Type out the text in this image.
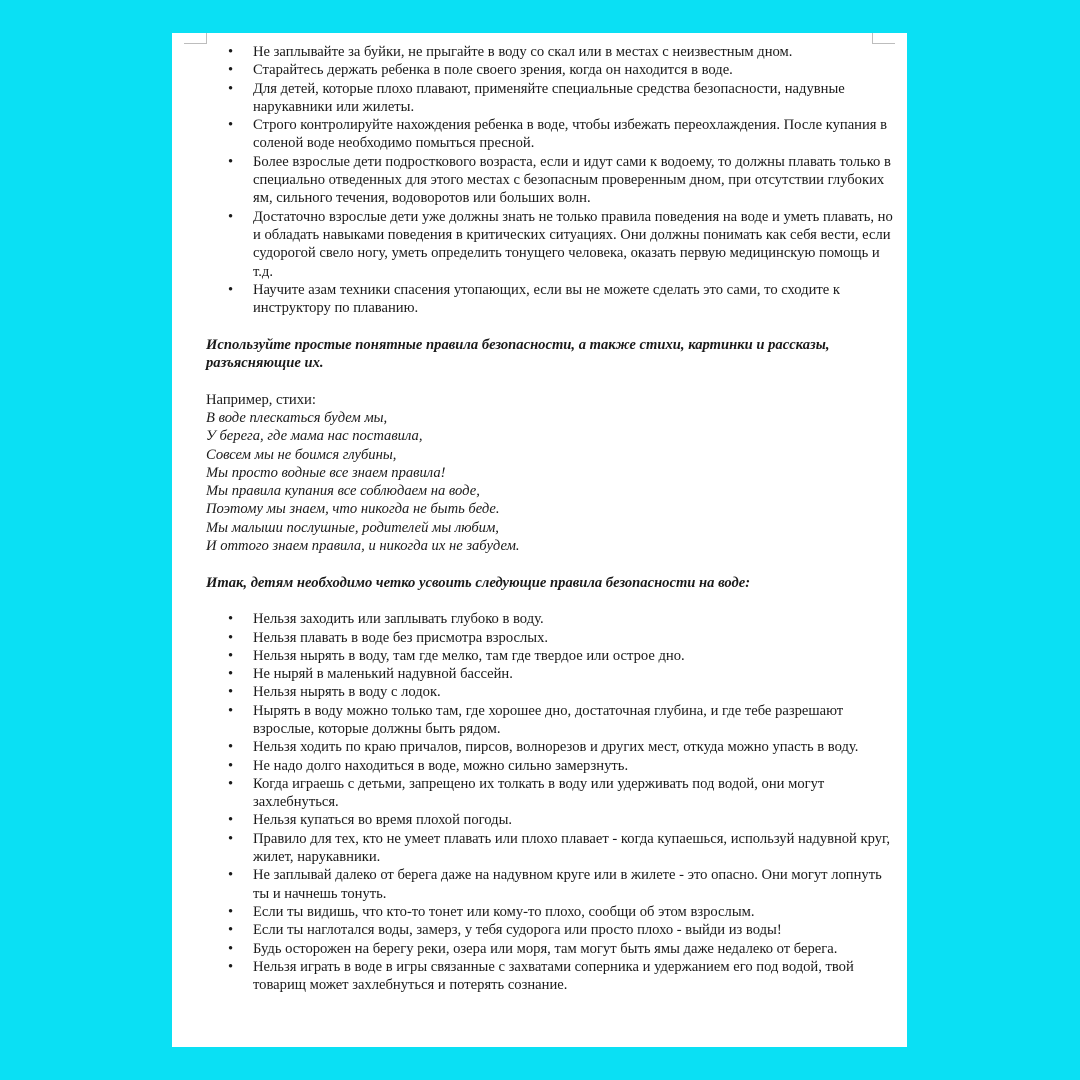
• Не заплывайте за буйки, не прыгайте в воду со скал или в местах с неизвестным дном.
• Старайтесь держать ребенка в поле своего зрения, когда он находится в воде.
• Для детей, которые плохо плавают, применяйте специальные средства безопасности, надувные нарукавники или жилеты.
• Строго контролируйте нахождения ребенка в воде, чтобы избежать переохлаждения. После купания в соленой воде необходимо помыться пресной.
• Более взрослые дети подросткового возраста, если и идут сами к водоему, то должны плавать только в специально отведенных для этого местах с безопасным проверенным дном, при отсутствии глубоких ям, сильного течения, водоворотов или больших волн.
• Достаточно взрослые дети уже должны знать не только правила поведения на воде и уметь плавать, но и обладать навыками поведения в критических ситуациях. Они должны понимать как себя вести, если судорогой свело ногу, уметь определить тонущего человека, оказать первую медицинскую помощь и т.д.
• Научите азам техники спасения утопающих, если вы не можете сделать это сами, то сходите к инструктору по плаванию.

Используйте простые понятные правила безопасности, а также стихи, картинки и рассказы, разъясняющие их.

Например, стихи:

В воде плескаться будем мы,

У берега, где мама нас поставила,

Совсем мы не боимся глубины,

Мы просто водные все знаем правила!

Мы правила купания все соблюдаем на воде,

Поэтому мы знаем, что никогда не быть беде.

Мы малыши послушные, родителей мы любим,

И оттого знаем правила, и никогда их не забудем.

Итак, детям необходимо четко усвоить следующие правила безопасности на воде:

• Нельзя заходить или заплывать глубоко в воду.
• Нельзя плавать в воде без присмотра взрослых.
• Нельзя нырять в воду, там где мелко, там где твердое или острое дно.
• Не ныряй в маленький надувной бассейн.
• Нельзя нырять в воду с лодок.
• Нырять в воду можно только там, где хорошее дно, достаточная глубина, и где тебе разрешают взрослые, которые должны быть рядом.
• Нельзя ходить по краю причалов, пирсов, волнорезов и других мест, откуда можно упасть в воду.
• Не надо долго находиться в воде, можно сильно замерзнуть.
• Когда играешь с детьми, запрещено их толкать в воду или удерживать под водой, они могут захлебнуться.
• Нельзя купаться во время плохой погоды.
• Правило для тех, кто не умеет плавать или плохо плавает - когда купаешься, используй надувной круг, жилет, нарукавники.
• Не заплывай далеко от берега даже на надувном круге или в жилете - это опасно. Они могут лопнуть ты и начнешь тонуть.
• Если ты видишь, что кто-то тонет или кому-то плохо, сообщи об этом взрослым.
• Если ты наглотался воды, замерз, у тебя судорога или просто плохо - выйди из воды!
• Будь осторожен на берегу реки, озера или моря, там могут быть ямы даже недалеко от берега.
• Нельзя играть в воде в игры связанные с захватами соперника и удержанием его под водой, твой товарищ может захлебнуться и потерять сознание.
